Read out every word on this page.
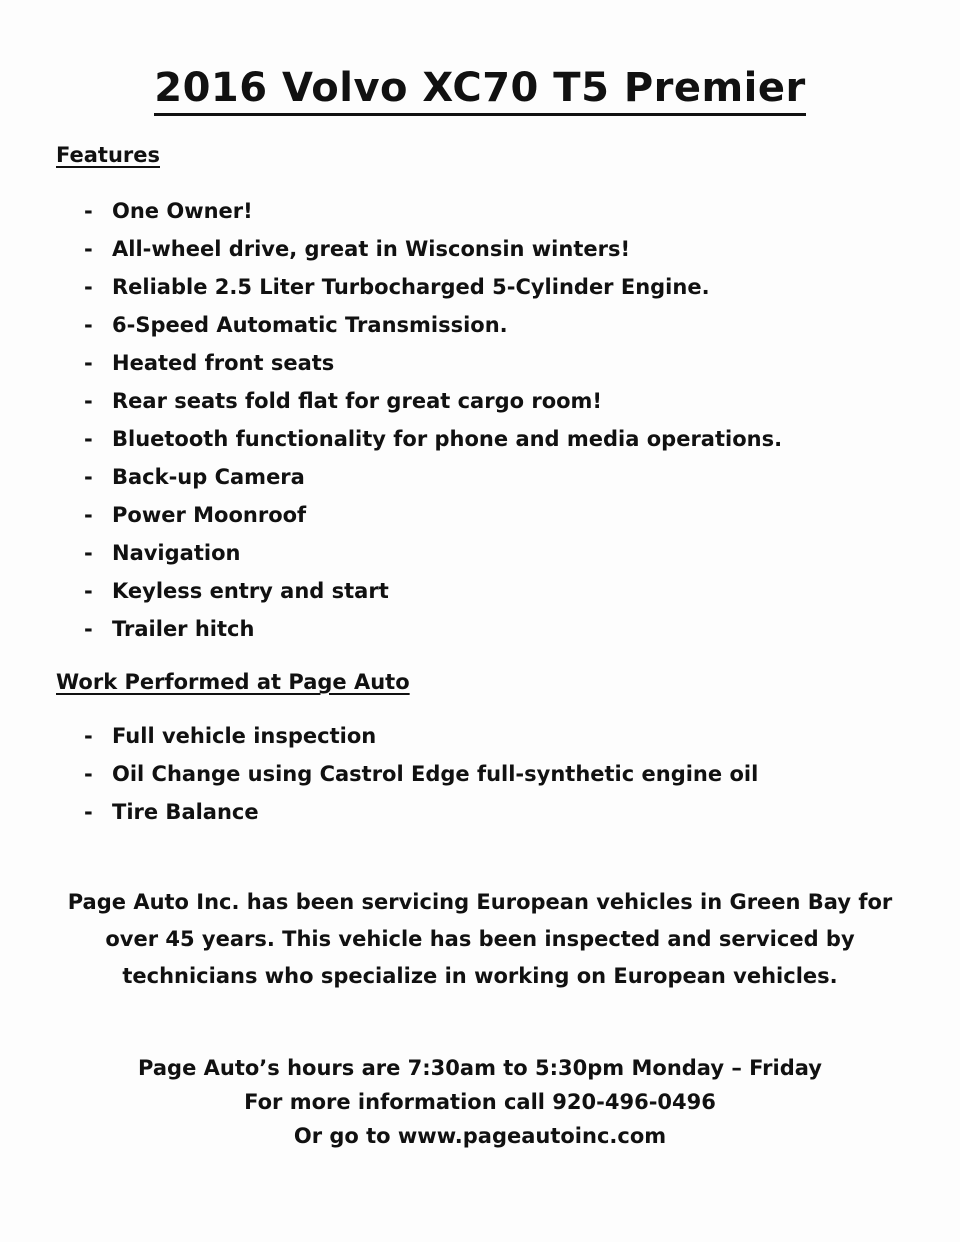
2016 Volvo XC70 T5 Premier
Features
- One Owner!
- All-wheel drive, great in Wisconsin winters!
- Reliable 2.5 Liter Turbocharged 5-Cylinder Engine.
- 6-Speed Automatic Transmission.
- Heated front seats
- Rear seats fold flat for great cargo room!
- Bluetooth functionality for phone and media operations.
- Back-up Camera
- Power Moonroof
- Navigation
- Keyless entry and start
- Trailer hitch
Work Performed at Page Auto
- Full vehicle inspection
- Oil Change using Castrol Edge full-synthetic engine oil
- Tire Balance
Page Auto Inc. has been servicing European vehicles in Green Bay for
over 45 years. This vehicle has been inspected and serviced by
technicians who specialize in working on European vehicles.
Page Auto’s hours are 7:30am to 5:30pm Monday – Friday
For more information call 920-496-0496
Or go to www.pageautoinc.com
